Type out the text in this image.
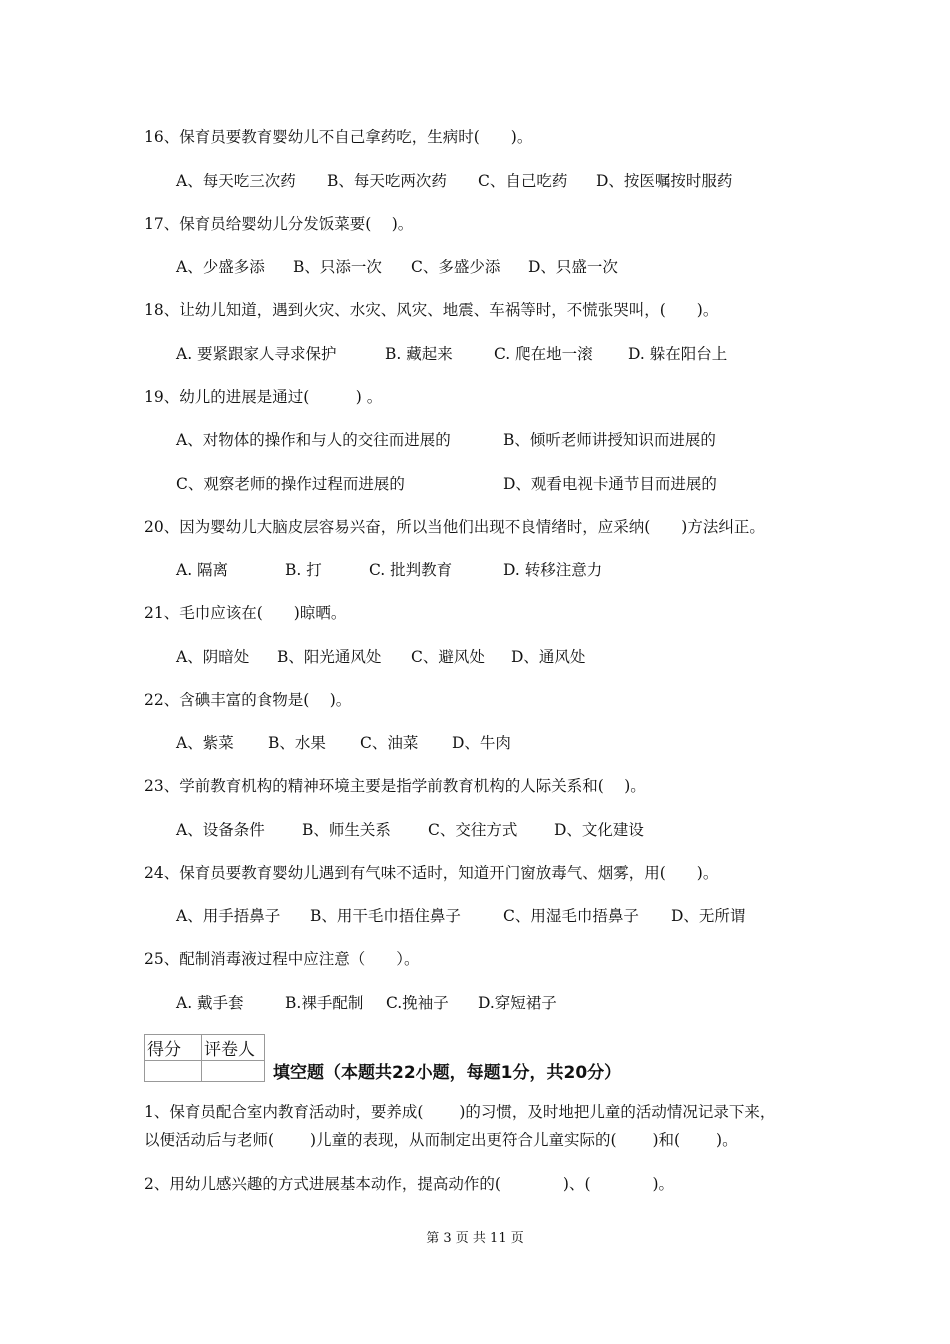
16、保育员要教育婴幼儿不自己拿药吃，生病时(　　)。
A、每天吃三次药 B、每天吃两次药 C、自己吃药 D、按医嘱按时服药
17、保育员给婴幼儿分发饭菜要(　 )。
A、少盛多添 B、只添一次 C、多盛少添 D、只盛一次
18、让幼儿知道，遇到火灾、水灾、风灾、地震、车祸等时，不慌张哭叫，(　　)。
A. 要紧跟家人寻求保护	B. 藏起来	C. 爬在地一滚 D. 躲在阳台上
19、幼儿的进展是通过(　　　) 。
A、对物体的操作和与人的交往而进展的	B、倾听老师讲授知识而进展的
C、观察老师的操作过程而进展的	D、观看电视卡通节目而进展的
20、因为婴幼儿大脑皮层容易兴奋，所以当他们出现不良情绪时，应采纳(　　)方法纠正。
A. 隔离	B. 打	C. 批判教育	D. 转移注意力
21、毛巾应该在(　　)晾晒。
A、阴暗处 B、阳光通风处 C、避风处 D、通风处
22、含碘丰富的食物是(　 )。
A、紫菜 B、水果 C、油菜 D、牛肉
23、学前教育机构的精神环境主要是指学前教育机构的人际关系和(　 )。
A、设备条件 B、师生关系 C、交往方式 D、文化建设
24、保育员要教育婴幼儿遇到有气味不适时，知道开门窗放毒气、烟雾，用(　　)。
A、用手捂鼻子 B、用干毛巾捂住鼻子	C、用湿毛巾捂鼻子 D、无所谓
25、配制消毒液过程中应注意（　　）。
A. 戴手套	B.裸手配制 C.挽袖子 D.穿短裙子
得分	评卷人

填空题（本题共22小题，每题1分，共20分）
1、保育员配合室内教育活动时，要养成(　　 )的习惯，及时地把儿童的活动情况记录下来，
以便活动后与老师(　　 )儿童的表现，从而制定出更符合儿童实际的(　　 )和(　　 )。
2、用幼儿感兴趣的方式进展基本动作，提高动作的(　　　　)、(　　　　)。
第 3 页 共 11 页
